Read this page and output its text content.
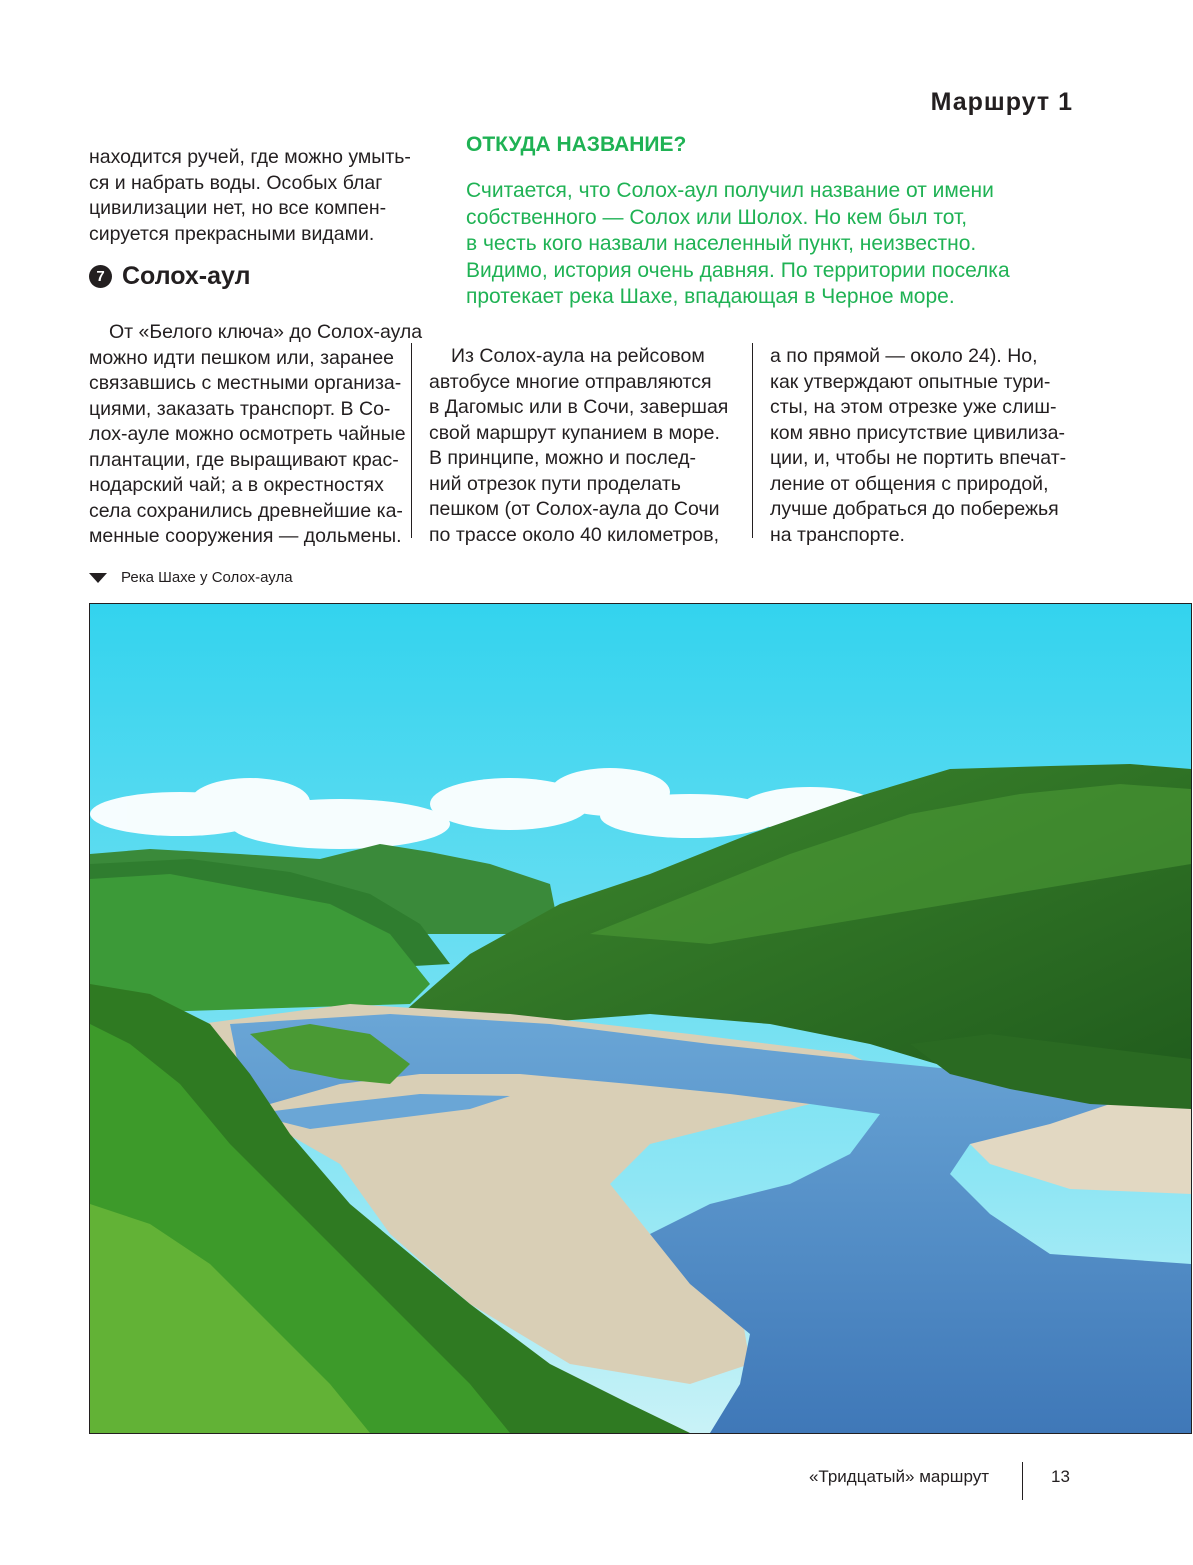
Маршрут 1
находится ручей, где можно умыть-
ся и набрать воды. Особых благ
цивилизации нет, но все компен-
сируется прекрасными видами.
7 Солох-аул
ОТКУДА НАЗВАНИЕ?
Считается, что Солох-аул получил название от имени
собственного — Солох или Шолох. Но кем был тот,
в честь кого назвали населенный пункт, неизвестно.
Видимо, история очень давняя. По территории поселка
протекает река Шахе, впадающая в Черное море.
От «Белого ключа» до Солох-аула
можно идти пешком или, заранее
связавшись с местными организа-
циями, заказать транспорт. В Со-
лох-ауле можно осмотреть чайные
плантации, где выращивают крас-
нодарский чай; а в окрестностях
села сохранились древнейшие ка-
менные сооружения — дольмены.
Из Солох-аула на рейсовом
автобусе многие отправляются
в Дагомыс или в Сочи, завершая
свой маршрут купанием в море.
В принципе, можно и послед-
ний отрезок пути проделать
пешком (от Солох-аула до Сочи
по трассе около 40 километров,
а по прямой — около 24). Но,
как утверждают опытные тури-
сты, на этом отрезке уже слиш-
ком явно присутствие цивилиза-
ции, и, чтобы не портить впечат-
ление от общения с природой,
лучше добраться до побережья
на транспорте.
Река Шахе у Солох-аула
«Тридцатый» маршрут	13
